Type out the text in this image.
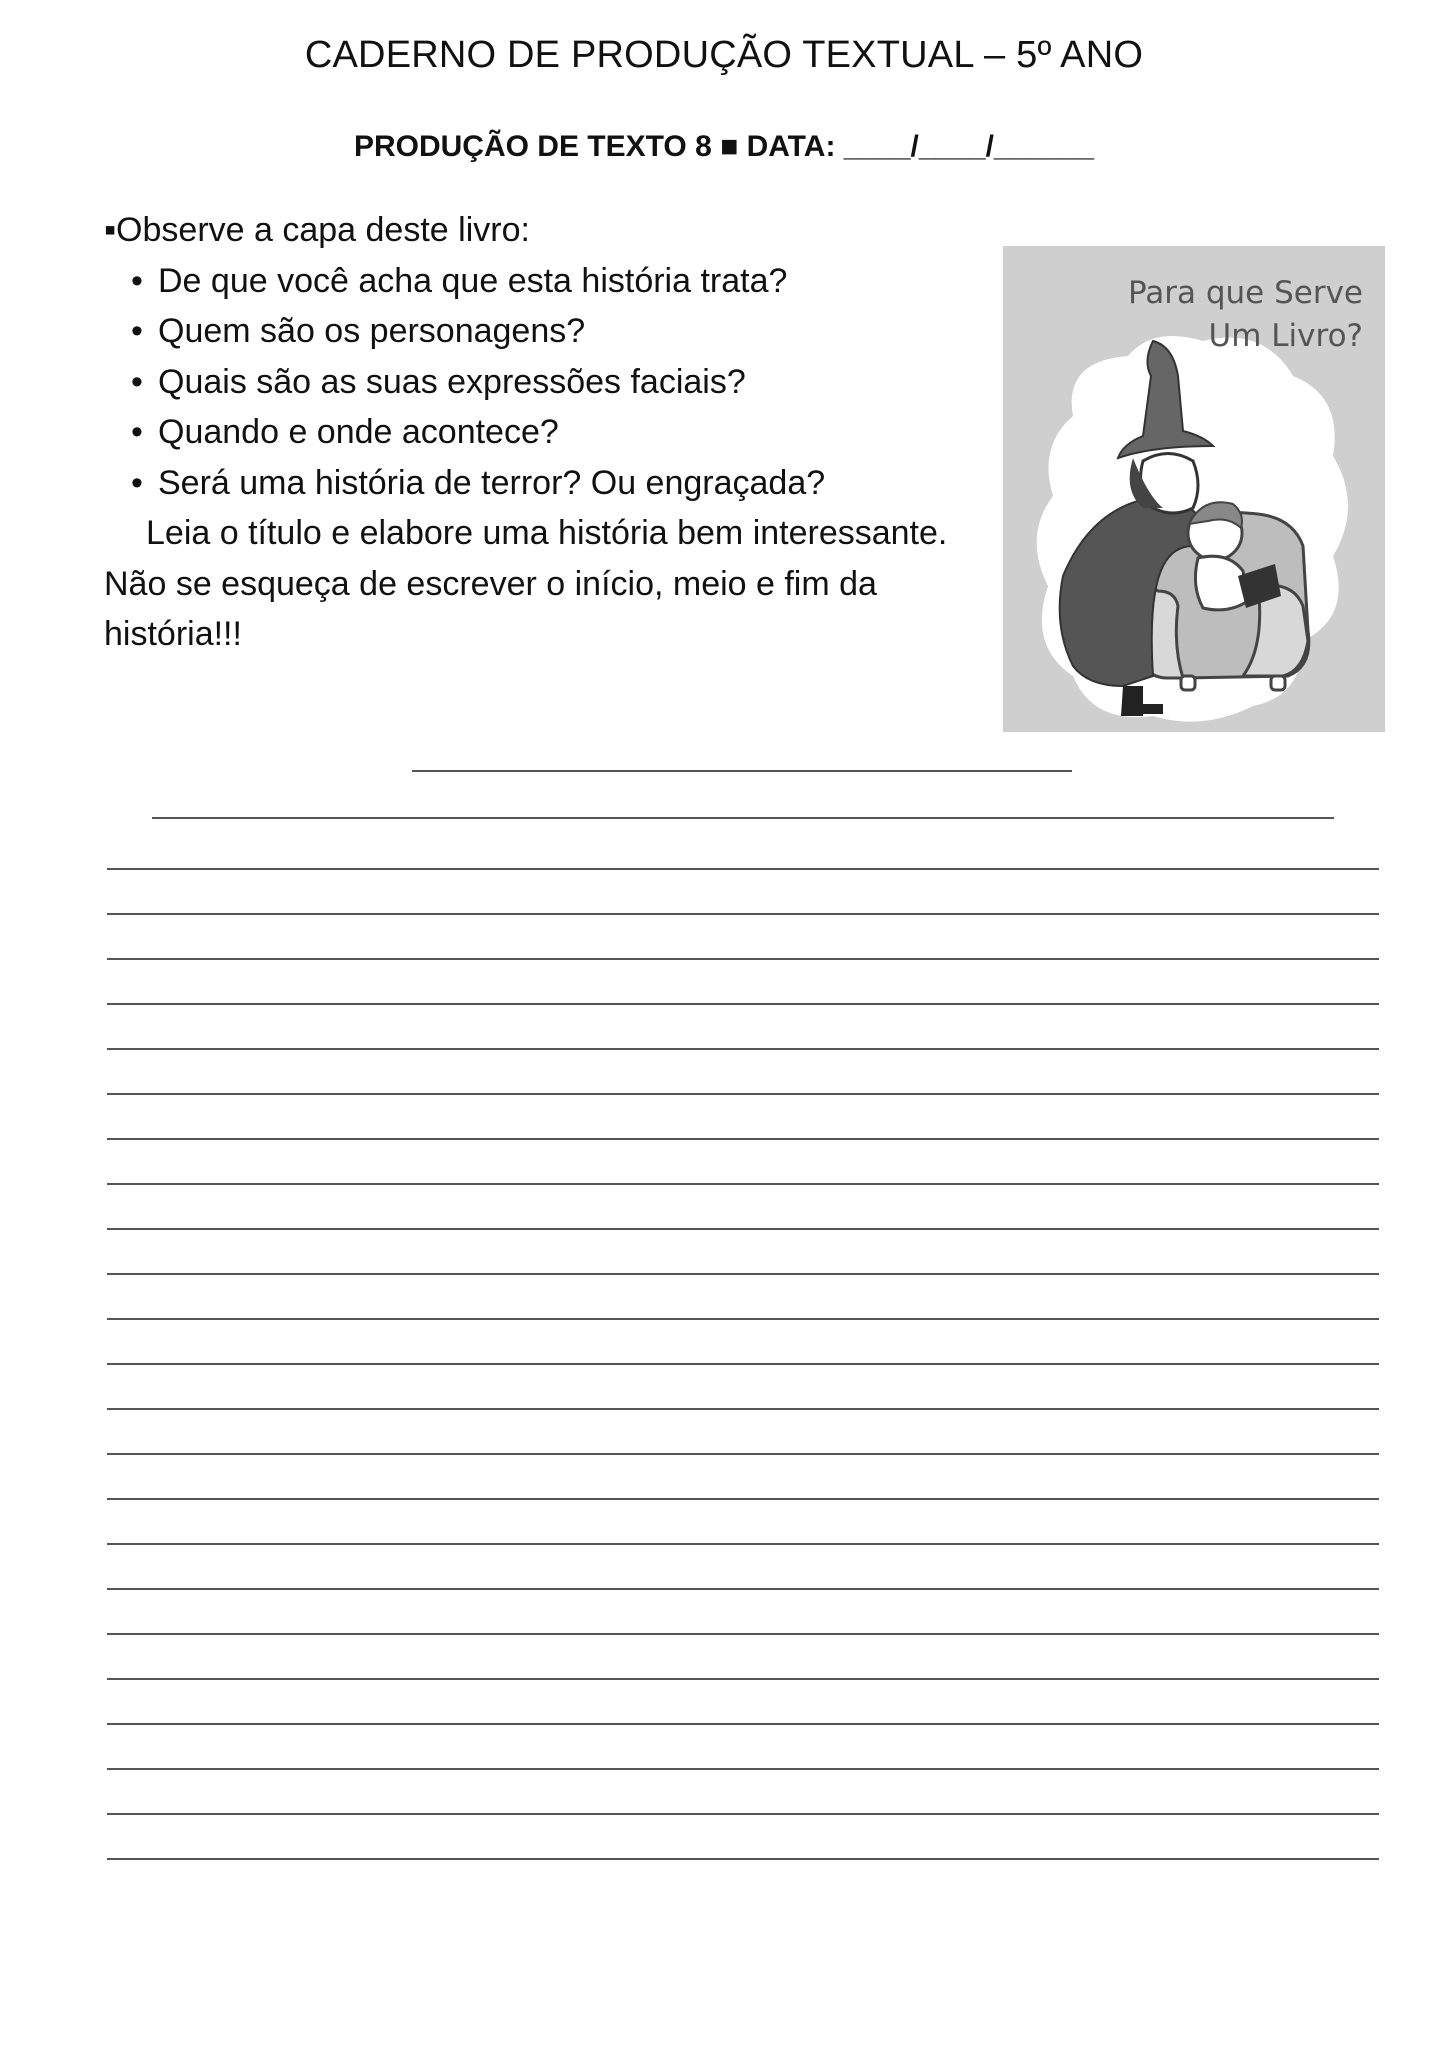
CADERNO DE PRODUÇÃO TEXTUAL – 5º ANO
PRODUÇÃO DE TEXTO 8 ■ DATA: ____/____/______

▪Observe a capa deste livro:

• De que você acha que esta história trata?
• Quem são os personagens?
• Quais são as suas expressões faciais?
• Quando e onde acontece?
• Será uma história de terror? Ou engraçada?

Leia o título e elabore uma história bem interessante. Não se esqueça de escrever o início, meio e fim da história!!!

Para que Serve
Um Livro?
